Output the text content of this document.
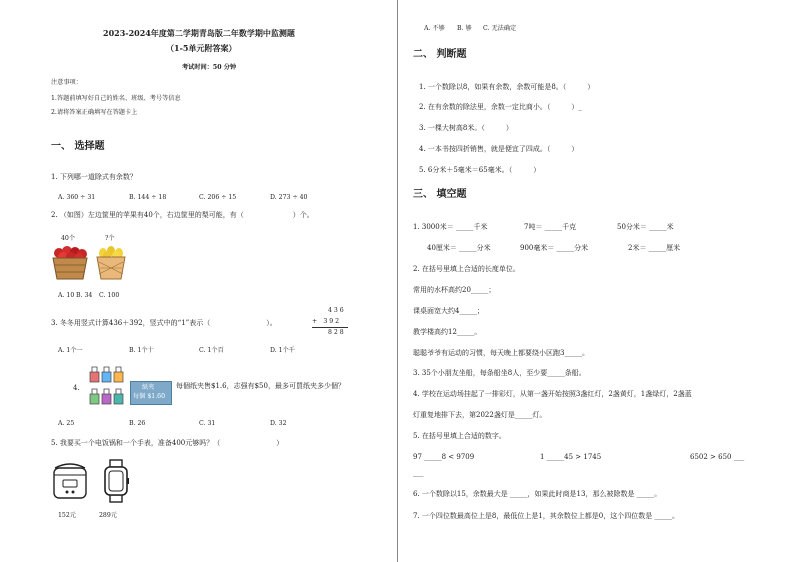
2023-2024年度第二学期青岛版二年数学期中监测题
（1-5单元附答案）
考试时间：50 分钟
注意事项：
1.答题前填写好自己的姓名、班级、考号等信息
2.请将答案正确填写在答题卡上
一、 选择题
1. 下列哪一道除式有余数？
A. 360 ÷ 31	B. 144 ÷ 18	C. 206 ÷ 15	D. 273 ÷ 40
2. （如图）左边筐里的苹果有40个，右边筐里的梨可能，有（　　　　　　　）个。
40个	?个
A. 10 B. 34 C. 100
3. 冬冬用竖式计算436＋392，竖式中的“1”表示（　　　　　　　　）。
4 3 6
+　3 9 2
8 2 8
A. 1个一	B. 1个十	C. 1个百	D. 1个千
4.	紙夾
每個 $1.60
每個纸夹售$1.6，志强有$50，最多可買纸夹多少個？
A. 25	B. 26	C. 31	D. 32
5. 我要买一个电饭锅和一个手表，准备400元够吗？（　　　　　　　　）
152元	289元
A. 不够 B. 够 C. 无法确定
二、 判断题
1. 一个数除以8，如果有余数，余数可能是8。（　　　）
2. 在有余数的除法里，余数一定比商小。（　　　）_
3. 一棵大树高8米。（　　　）
4. 一本书按四折销售，就是便宜了四成。（　　　）
5. 6分米＋5毫米＝65毫米。（　　　）
三、 填空题
1. 3000米＝ _____千米	7吨＝ _____千克	50分米＝ _____米
40厘米＝ _____分米	900毫米＝ _____分米	2米＝ _____厘米
2. 在括号里填上合适的长度单位。
常用的水杯高约20_____；
课桌面宽大约4_____；
教学楼高约12_____。
聪聪爷爷有运动的习惯，每天晚上都要绕小区跑3_____。
3. 35个小朋友坐船，每条船坐8人，至少要_____条船。
4. 学校在运动场挂起了一排彩灯，从第一盏开始按照3盏红灯，2盏黄灯，1盏绿灯，2盏蓝
灯重复地排下去，第2022盏灯是_____灯。
5. 在括号里填上合适的数字。
97 _____8 < 9709	1 _____45 > 1745	6502 > 650 ___
___
6. 一个数除以15，余数最大是 _____，如果此时商是13，那么被除数是 _____。
7. 一个四位数最高位上是8，最低位上是1，其余数位上都是0，这个四位数是 _____。
